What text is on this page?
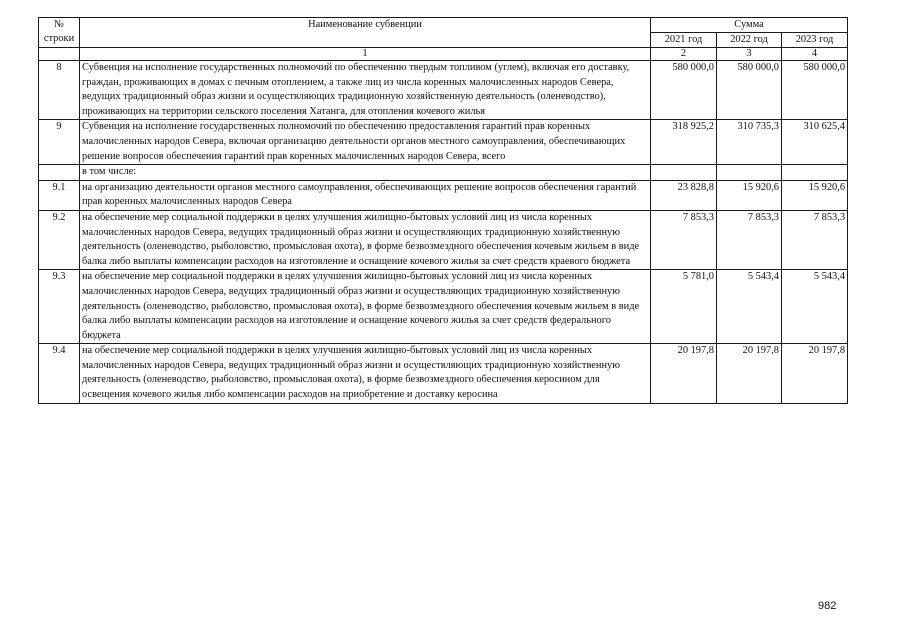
№
строки	Наименование субвенции	Сумма		
		2021 год	2022 год	2023 год
	1	2	3	4
8	Субвенция на исполнение государственных полномочий по обеспечению твердым топливом (углем), включая его доставку, граждан, проживающих в домах с печным отоплением, а также лиц из числа коренных малочисленных народов Севера, ведущих традиционный образ жизни и осуществляющих традиционную хозяйственную деятельность (оленеводство), проживающих на территории сельского поселения Хатанга, для отопления кочевого жилья	580 000,0	580 000,0	580 000,0
9	Субвенция на исполнение государственных полномочий по обеспечению предоставления гарантий прав коренных малочисленных народов Севера, включая организацию деятельности органов местного самоуправления, обеспечивающих решение вопросов обеспечения гарантий прав коренных малочисленных народов Севера, всего	318 925,2	310 735,3	310 625,4
	в том числе:			
9.1	на организацию деятельности органов местного самоуправления, обеспечивающих решение вопросов обеспечения гарантий прав коренных малочисленных народов Севера	23 828,8	15 920,6	15 920,6
9.2	на обеспечение мер социальной поддержки в целях улучшения жилищно-бытовых условий лиц из числа коренных малочисленных народов Севера, ведущих традиционный образ жизни и осуществляющих традиционную хозяйственную деятельность (оленеводство, рыболовство, промысловая охота), в форме безвозмездного обеспечения кочевым жильем в виде балка либо выплаты компенсации расходов на изготовление и оснащение кочевого жилья за счет средств краевого бюджета	7 853,3	7 853,3	7 853,3
9.3	на обеспечение мер социальной поддержки в целях улучшения жилищно-бытовых условий лиц из числа коренных малочисленных народов Севера, ведущих традиционный образ жизни и осуществляющих традиционную хозяйственную деятельность (оленеводство, рыболовство, промысловая охота), в форме безвозмездного обеспечения кочевым жильем в виде балка либо выплаты компенсации расходов на изготовление и оснащение кочевого жилья за счет средств федерального бюджета	5 781,0	5 543,4	5 543,4
9.4	на обеспечение мер социальной поддержки в целях улучшения жилищно-бытовых условий лиц из числа коренных малочисленных народов Севера, ведущих традиционный образ жизни и осуществляющих традиционную хозяйственную деятельность (оленеводство, рыболовство, промысловая охота), в форме безвозмездного обеспечения керосином для освещения кочевого жилья либо компенсации расходов на приобретение и доставку керосина	20 197,8	20 197,8	20 197,8
982
